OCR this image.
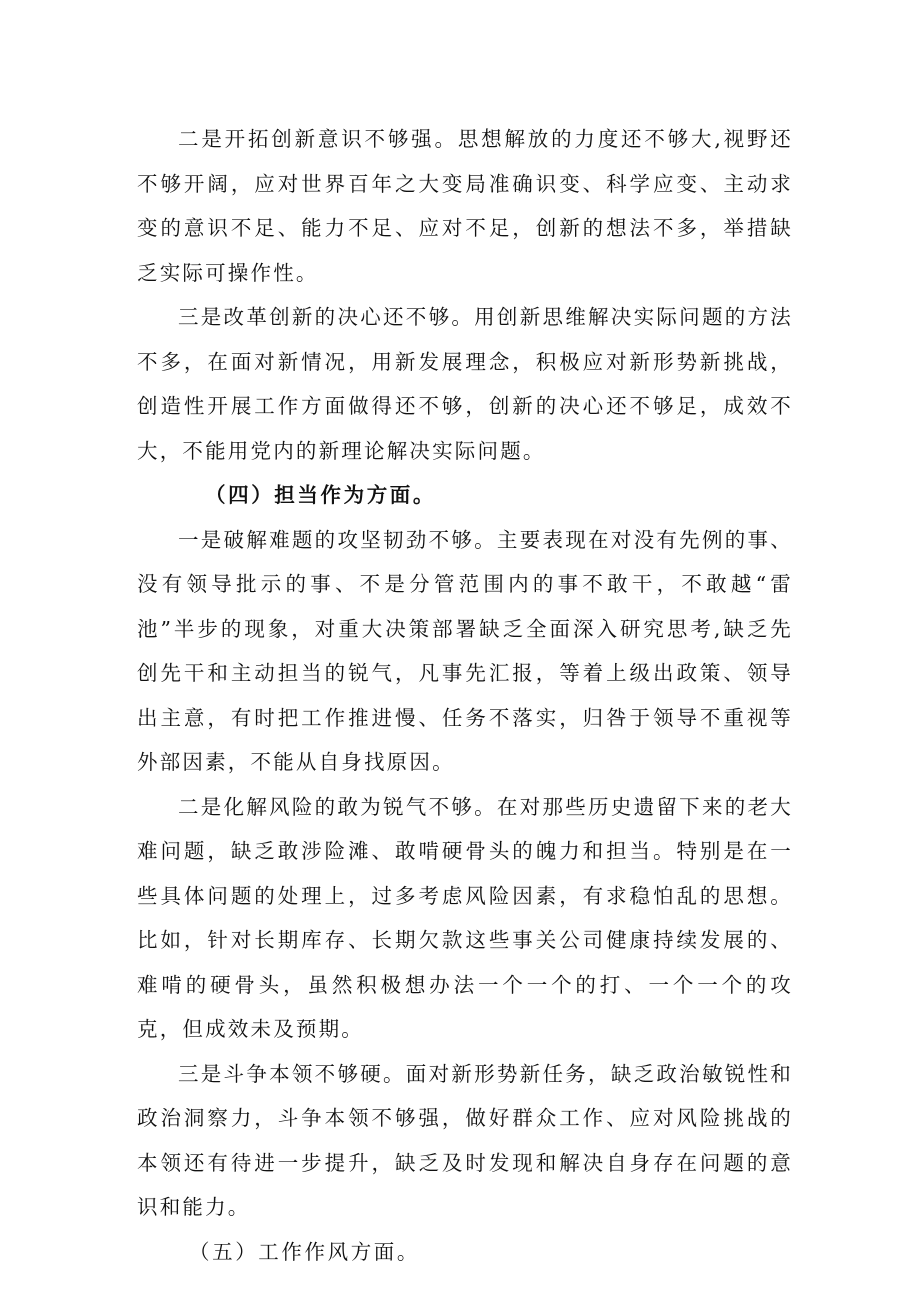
二是开拓创新意识不够强。思想解放的力度还不够大,视野还不够开阔，应对世界百年之大变局准确识变、科学应变、主动求变的意识不足、能力不足、应对不足，创新的想法不多，举措缺乏实际可操作性。

三是改革创新的决心还不够。用创新思维解决实际问题的方法不多，在面对新情况，用新发展理念，积极应对新形势新挑战，创造性开展工作方面做得还不够，创新的决心还不够足，成效不大，不能用党内的新理论解决实际问题。

（四）担当作为方面。

一是破解难题的攻坚韧劲不够。主要表现在对没有先例的事、没有领导批示的事、不是分管范围内的事不敢干，不敢越“雷池”半步的现象，对重大决策部署缺乏全面深入研究思考,缺乏先创先干和主动担当的锐气，凡事先汇报，等着上级出政策、领导出主意，有时把工作推进慢、任务不落实，归咎于领导不重视等外部因素，不能从自身找原因。

二是化解风险的敢为锐气不够。在对那些历史遗留下来的老大难问题，缺乏敢涉险滩、敢啃硬骨头的魄力和担当。特别是在一些具体问题的处理上，过多考虑风险因素，有求稳怕乱的思想。比如，针对长期库存、长期欠款这些事关公司健康持续发展的、难啃的硬骨头，虽然积极想办法一个一个的打、一个一个的攻克，但成效未及预期。

三是斗争本领不够硬。面对新形势新任务，缺乏政治敏锐性和政治洞察力，斗争本领不够强，做好群众工作、应对风险挑战的本领还有待进一步提升，缺乏及时发现和解决自身存在问题的意识和能力。

（五）工作作风方面。
